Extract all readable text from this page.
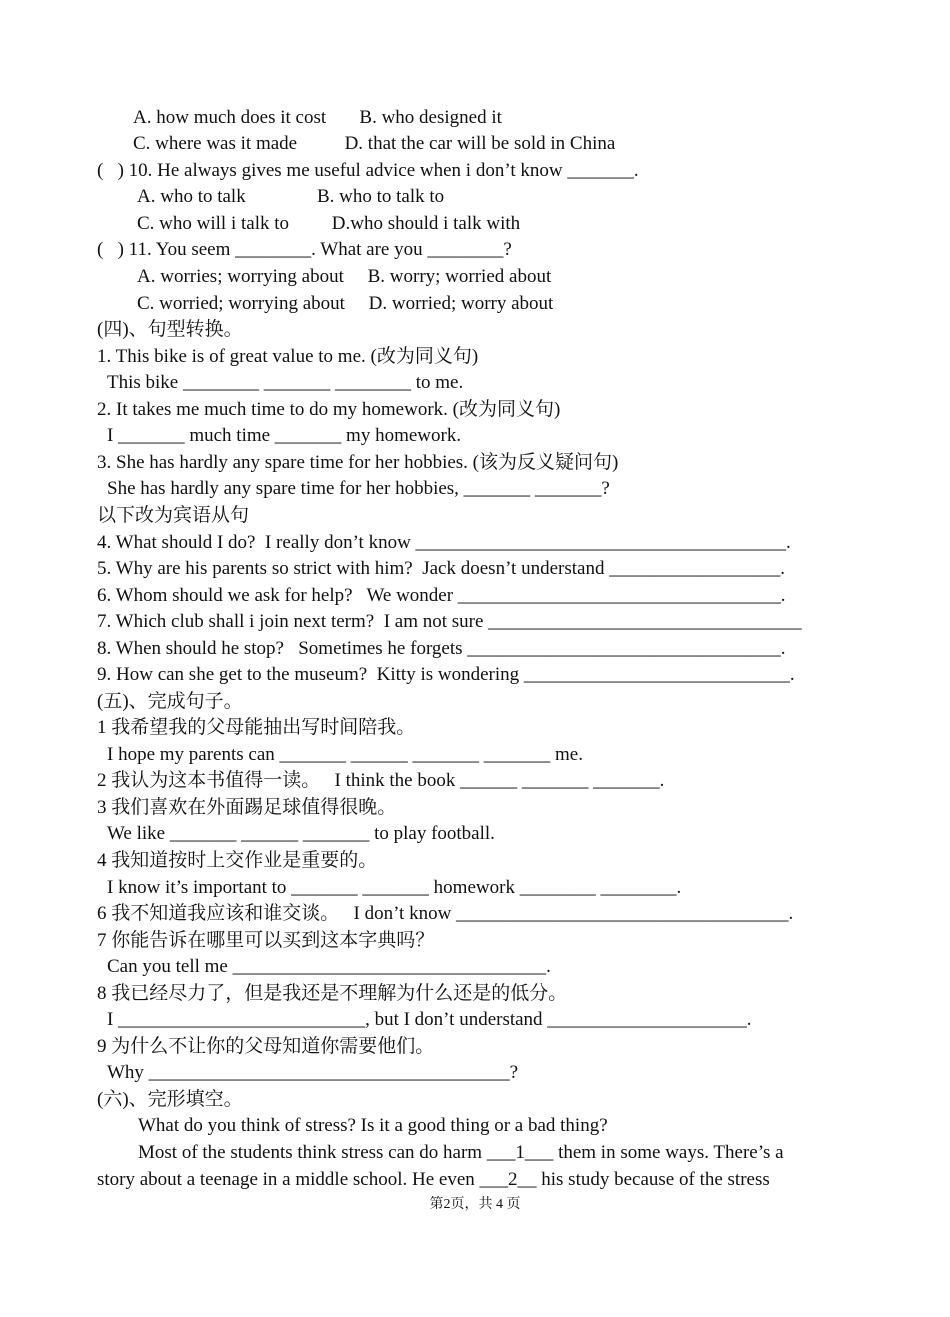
A. how much does it cost       B. who designed it
C. where was it made          D. that the car will be sold in China
(   ) 10. He always gives me useful advice when i don’t know _______.
A. who to talk               B. who to talk to
C. who will i talk to         D.who should i talk with
(   ) 11. You seem ________. What are you ________?
A. worries; worrying about     B. worry; worried about
C. worried; worrying about     D. worried; worry about
(四)、句型转换。
1. This bike is of great value to me. (改为同义句)
This bike ________ _______ ________ to me.
2. It takes me much time to do my homework. (改为同义句)
I _______ much time _______ my homework.
3. She has hardly any spare time for her hobbies. (该为反义疑问句)
She has hardly any spare time for her hobbies, _______ _______?
以下改为宾语从句
4. What should I do?  I really don’t know _______________________________________.
5. Why are his parents so strict with him?  Jack doesn’t understand __________________.
6. Whom should we ask for help?   We wonder __________________________________.
7. Which club shall i join next term?  I am not sure _________________________________
8. When should he stop?   Sometimes he forgets _________________________________.
9. How can she get to the museum?  Kitty is wondering ____________________________.
(五)、完成句子。
1 我希望我的父母能抽出写时间陪我。
I hope my parents can _______ ______ _______ _______ me.
2 我认为这本书值得一读。   I think the book ______ _______ _______.
3 我们喜欢在外面踢足球值得很晚。
We like _______ ______ _______ to play football.
4 我知道按时上交作业是重要的。
I know it’s important to _______ _______ homework ________ ________.
6 我不知道我应该和谁交谈。   I don’t know ___________________________________.
7 你能告诉在哪里可以买到这本字典吗？
Can you tell me _________________________________.
8 我已经尽力了，但是我还是不理解为什么还是的低分。
I __________________________, but I don’t understand _____________________.
9 为什么不让你的父母知道你需要他们。
Why ______________________________________?
(六)、完形填空。
What do you think of stress? Is it a good thing or a bad thing?
Most of the students think stress can do harm ___1___ them in some ways. There’s a
story about a teenage in a middle school. He even ___2__ his study because of the stress
第2页，共 4 页
